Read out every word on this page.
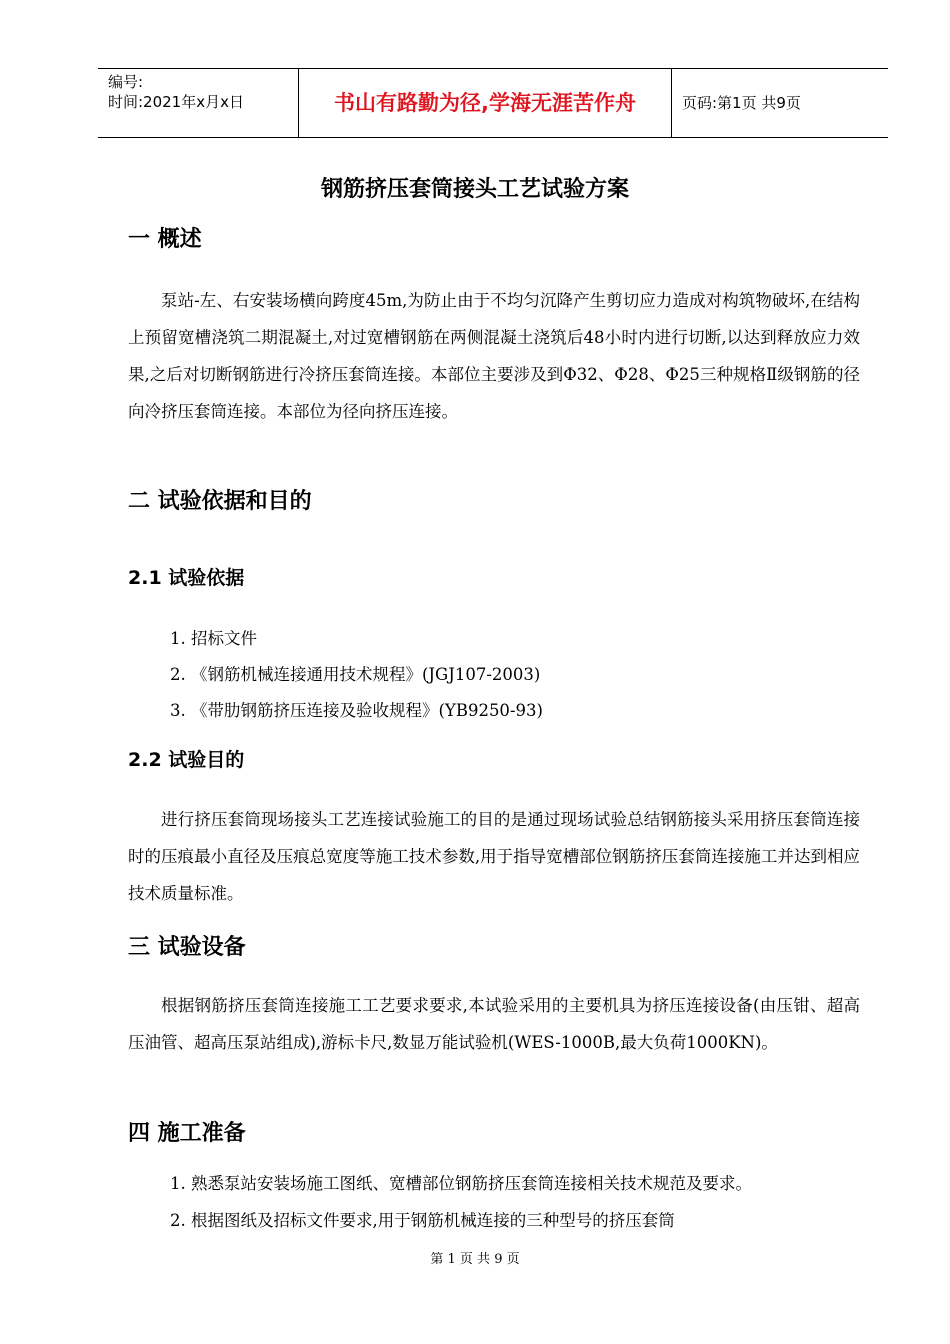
编号:
时间:2021年x月x日	书山有路勤为径,学海无涯苦作舟	页码:第1页 共9页
钢筋挤压套筒接头工艺试验方案
一 概述

泵站-左、右安装场横向跨度45m,为防止由于不均匀沉降产生剪切应力造成对构筑物破坏,在结构上预留宽槽浇筑二期混凝土,对过宽槽钢筋在两侧混凝土浇筑后48小时内进行切断,以达到释放应力效果,之后对切断钢筋进行冷挤压套筒连接。本部位主要涉及到Φ32、Φ28、Φ25三种规格Ⅱ级钢筋的径向冷挤压套筒连接。本部位为径向挤压连接。

二 试验依据和目的
2.1 试验依据
1. 招标文件
2. 《钢筋机械连接通用技术规程》(JGJ107-2003)
3. 《带肋钢筋挤压连接及验收规程》(YB9250-93)
2.2 试验目的

进行挤压套筒现场接头工艺连接试验施工的目的是通过现场试验总结钢筋接头采用挤压套筒连接时的压痕最小直径及压痕总宽度等施工技术参数,用于指导宽槽部位钢筋挤压套筒连接施工并达到相应技术质量标准。

三 试验设备

根据钢筋挤压套筒连接施工工艺要求要求,本试验采用的主要机具为挤压连接设备(由压钳、超高压油管、超高压泵站组成),游标卡尺,数显万能试验机(WES-1000B,最大负荷1000KN)。

四 施工准备
1. 熟悉泵站安装场施工图纸、宽槽部位钢筋挤压套筒连接相关技术规范及要求。
2. 根据图纸及招标文件要求,用于钢筋机械连接的三种型号的挤压套筒
第 1 页 共 9 页
